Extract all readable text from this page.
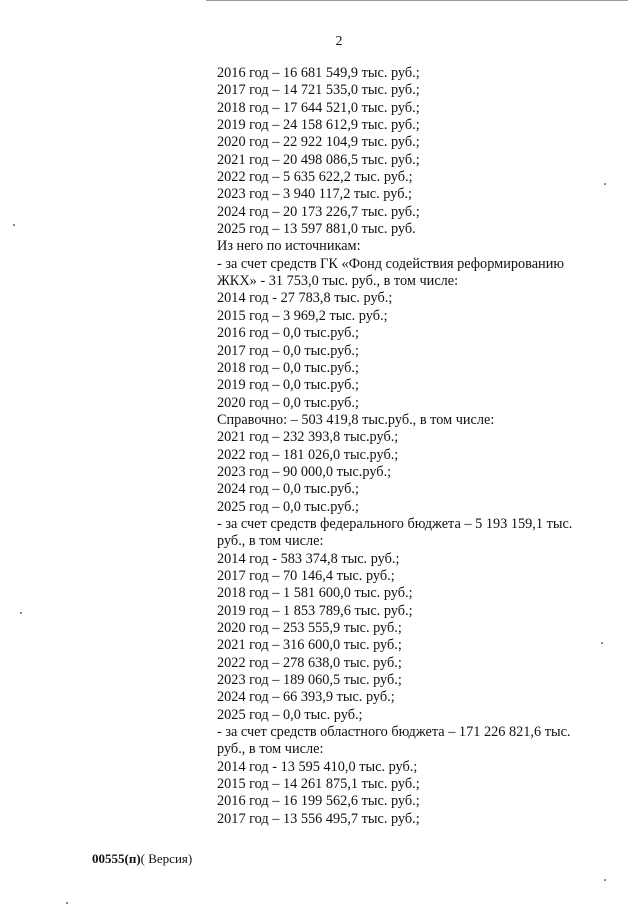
2
2016 год – 16 681 549,9 тыс. руб.;
2017 год – 14 721 535,0 тыс. руб.;
2018 год – 17 644 521,0 тыс. руб.;
2019 год – 24 158 612,9 тыс. руб.;
2020 год – 22 922 104,9 тыс. руб.;
2021 год – 20 498 086,5 тыс. руб.;
2022 год – 5 635 622,2 тыс. руб.;
2023 год – 3 940 117,2 тыс. руб.;
2024 год – 20 173 226,7 тыс. руб.;
2025 год – 13 597 881,0 тыс. руб.
Из него по источникам:
- за счет средств ГК «Фонд содействия реформированию
ЖКХ» - 31 753,0 тыс. руб., в том числе:
2014 год - 27 783,8 тыс. руб.;
2015 год – 3 969,2 тыс. руб.;
2016 год – 0,0 тыс.руб.;
2017 год – 0,0 тыс.руб.;
2018 год – 0,0 тыс.руб.;
2019 год – 0,0 тыс.руб.;
2020 год – 0,0 тыс.руб.;
Справочно: – 503 419,8 тыс.руб., в том числе:
2021 год – 232 393,8 тыс.руб.;
2022 год – 181 026,0 тыс.руб.;
2023 год – 90 000,0 тыс.руб.;
2024 год – 0,0 тыс.руб.;
2025 год – 0,0 тыс.руб.;
- за счет средств федерального бюджета – 5 193 159,1 тыс.
руб., в том числе:
2014 год - 583 374,8 тыс. руб.;
2017 год – 70 146,4 тыс. руб.;
2018 год – 1 581 600,0 тыс. руб.;
2019 год – 1 853 789,6 тыс. руб.;
2020 год – 253 555,9 тыс. руб.;
2021 год – 316 600,0 тыс. руб.;
2022 год – 278 638,0 тыс. руб.;
2023 год – 189 060,5 тыс. руб.;
2024 год – 66 393,9 тыс. руб.;
2025 год – 0,0 тыс. руб.;
- за счет средств областного бюджета – 171 226 821,6 тыс.
руб., в том числе:
2014 год - 13 595 410,0 тыс. руб.;
2015 год – 14 261 875,1 тыс. руб.;
2016 год – 16 199 562,6 тыс. руб.;
2017 год – 13 556 495,7 тыс. руб.;
00555(п)( Версия)
